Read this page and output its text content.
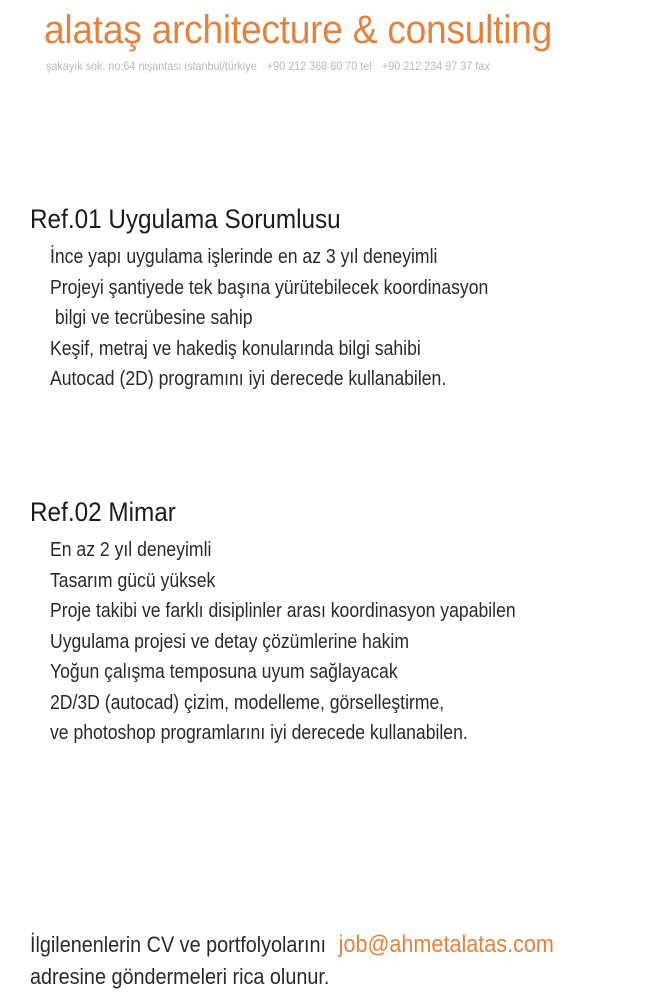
alataş architecture & consulting
şakayık sok. no:64 nişantası istanbul/türkiye +90 212 368 80 70 tel +90 212 234 97 37 fax
Ref.01 Uygulama Sorumlusu
İnce yapı uygulama işlerinde en az 3 yıl deneyimli
Projeyi şantiyede tek başına yürütebilecek koordinasyon
bilgi ve tecrübesine sahip
Keşif, metraj ve hakediş konularında bilgi sahibi
Autocad (2D) programını iyi derecede kullanabilen.
Ref.02 Mimar
En az 2 yıl deneyimli
Tasarım gücü yüksek
Proje takibi ve farklı disiplinler arası koordinasyon yapabilen
Uygulama projesi ve detay çözümlerine hakim
Yoğun çalışma temposuna uyum sağlayacak
2D/3D (autocad) çizim, modelleme, görselleştirme,
ve photoshop programlarını iyi derecede kullanabilen.
İlgilenenlerin CV ve portfolyolarını job@ahmetalatas.com
adresine göndermeleri rica olunur.
